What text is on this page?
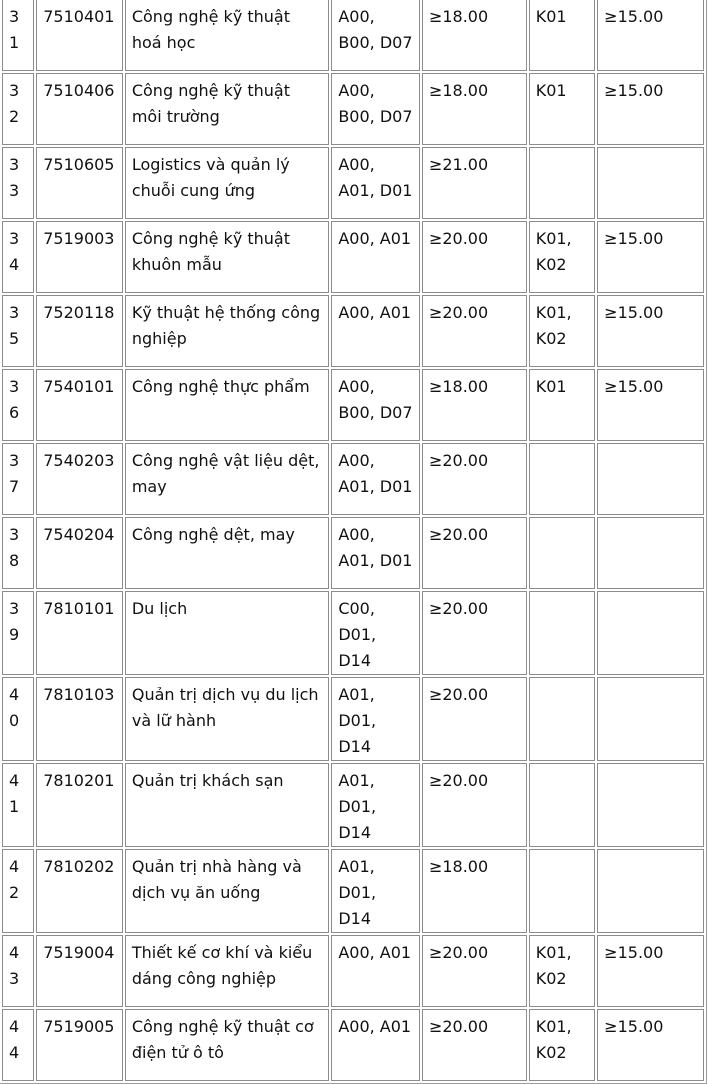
31	7510401	Công nghệ kỹ thuật hoá học	A00, B00, D07	≥18.00	K01	≥15.00
32	7510406	Công nghệ kỹ thuật môi trường	A00, B00, D07	≥18.00	K01	≥15.00
33	7510605	Logistics và quản lý chuỗi cung ứng	A00, A01, D01	≥21.00		
34	7519003	Công nghệ kỹ thuật khuôn mẫu	A00, A01	≥20.00	K01, K02	≥15.00
35	7520118	Kỹ thuật hệ thống công nghiệp	A00, A01	≥20.00	K01, K02	≥15.00
36	7540101	Công nghệ thực phẩm	A00, B00, D07	≥18.00	K01	≥15.00
37	7540203	Công nghệ vật liệu dệt, may	A00, A01, D01	≥20.00		
38	7540204	Công nghệ dệt, may	A00, A01, D01	≥20.00		
39	7810101	Du lịch	C00, D01, D14	≥20.00		
40	7810103	Quản trị dịch vụ du lịch và lữ hành	A01, D01, D14	≥20.00		
41	7810201	Quản trị khách sạn	A01, D01, D14	≥20.00		
42	7810202	Quản trị nhà hàng và dịch vụ ăn uống	A01, D01, D14	≥18.00		
43	7519004	Thiết kế cơ khí và kiểu dáng công nghiệp	A00, A01	≥20.00	K01, K02	≥15.00
44	7519005	Công nghệ kỹ thuật cơ điện tử ô tô	A00, A01	≥20.00	K01, K02	≥15.00
